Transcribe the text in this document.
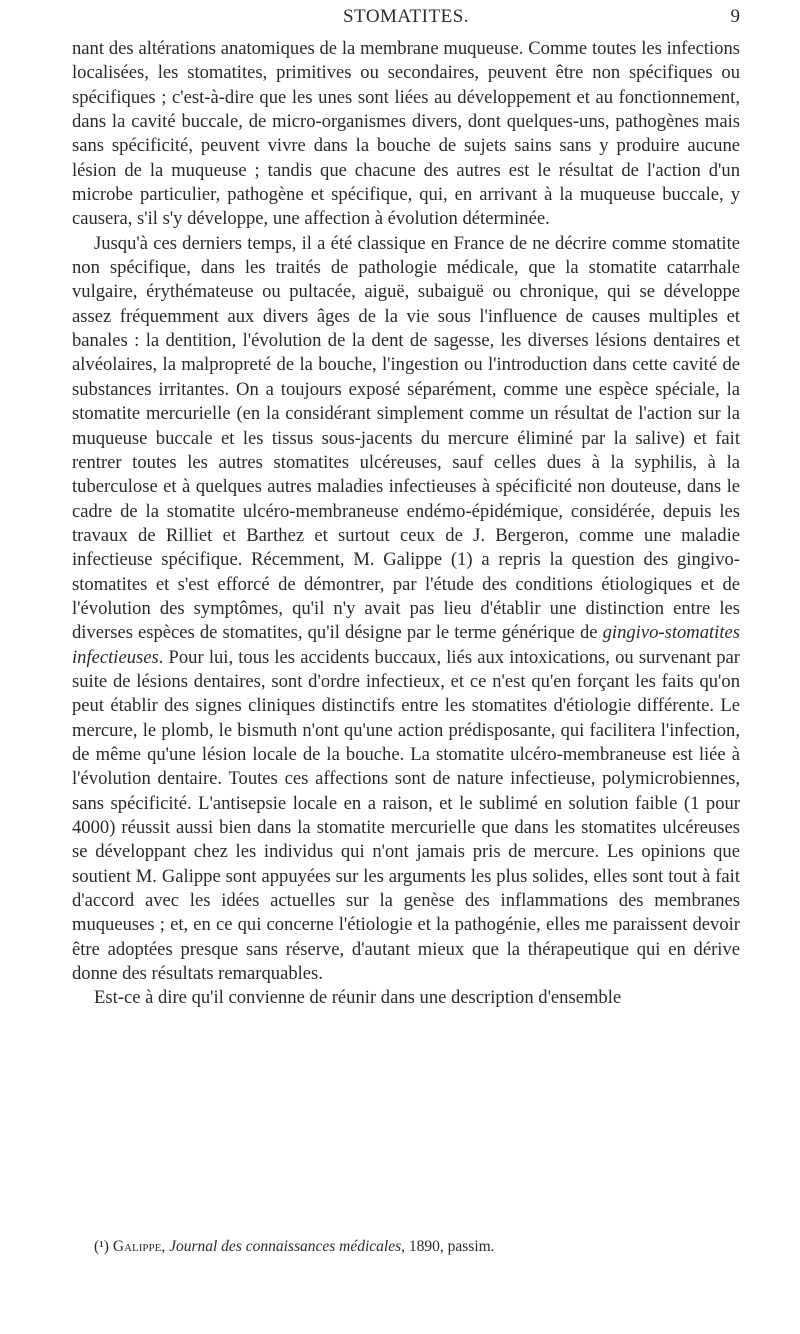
STOMATITES.	9

nant des altérations anatomiques de la membrane muqueuse. Comme toutes les infections localisées, les stomatites, primitives ou secondaires, peuvent être non spécifiques ou spécifiques ; c'est-à-dire que les unes sont liées au développement et au fonctionnement, dans la cavité buccale, de micro-organismes divers, dont quelques-uns, pathogènes mais sans spécificité, peuvent vivre dans la bouche de sujets sains sans y produire aucune lésion de la muqueuse ; tandis que chacune des autres est le résultat de l'action d'un microbe particulier, pathogène et spécifique, qui, en arrivant à la muqueuse buccale, y causera, s'il s'y développe, une affection à évolution déterminée.

Jusqu'à ces derniers temps, il a été classique en France de ne décrire comme stomatite non spécifique, dans les traités de pathologie médicale, que la stomatite catarrhale vulgaire, érythémateuse ou pultacée, aiguë, subaiguë ou chronique, qui se développe assez fréquemment aux divers âges de la vie sous l'influence de causes multiples et banales : la dentition, l'évolution de la dent de sagesse, les diverses lésions dentaires et alvéolaires, la malpropreté de la bouche, l'ingestion ou l'introduction dans cette cavité de substances irritantes. On a toujours exposé séparément, comme une espèce spéciale, la stomatite mercurielle (en la considérant simplement comme un résultat de l'action sur la muqueuse buccale et les tissus sous-jacents du mercure éliminé par la salive) et fait rentrer toutes les autres stomatites ulcéreuses, sauf celles dues à la syphilis, à la tuberculose et à quelques autres maladies infectieuses à spécificité non douteuse, dans le cadre de la stomatite ulcéro-membraneuse endémo-épidémique, considérée, depuis les travaux de Rilliet et Barthez et surtout ceux de J. Bergeron, comme une maladie infectieuse spécifique. Récemment, M. Galippe (1) a repris la question des gingivo-stomatites et s'est efforcé de démontrer, par l'étude des conditions étiologiques et de l'évolution des symptômes, qu'il n'y avait pas lieu d'établir une distinction entre les diverses espèces de stomatites, qu'il désigne par le terme générique de gingivo-stomatites infectieuses. Pour lui, tous les accidents buccaux, liés aux intoxications, ou survenant par suite de lésions dentaires, sont d'ordre infectieux, et ce n'est qu'en forçant les faits qu'on peut établir des signes cliniques distinctifs entre les stomatites d'étiologie différente. Le mercure, le plomb, le bismuth n'ont qu'une action prédisposante, qui facilitera l'infection, de même qu'une lésion locale de la bouche. La stomatite ulcéro-membraneuse est liée à l'évolution dentaire. Toutes ces affections sont de nature infectieuse, polymicrobiennes, sans spécificité. L'antisepsie locale en a raison, et le sublimé en solution faible (1 pour 4000) réussit aussi bien dans la stomatite mercurielle que dans les stomatites ulcéreuses se développant chez les individus qui n'ont jamais pris de mercure. Les opinions que soutient M. Galippe sont appuyées sur les arguments les plus solides, elles sont tout à fait d'accord avec les idées actuelles sur la genèse des inflammations des membranes muqueuses ; et, en ce qui concerne l'étiologie et la pathogénie, elles me paraissent devoir être adoptées presque sans réserve, d'autant mieux que la thérapeutique qui en dérive donne des résultats remarquables.

Est-ce à dire qu'il convienne de réunir dans une description d'ensemble

(¹) Galippe, Journal des connaissances médicales, 1890, passim.
